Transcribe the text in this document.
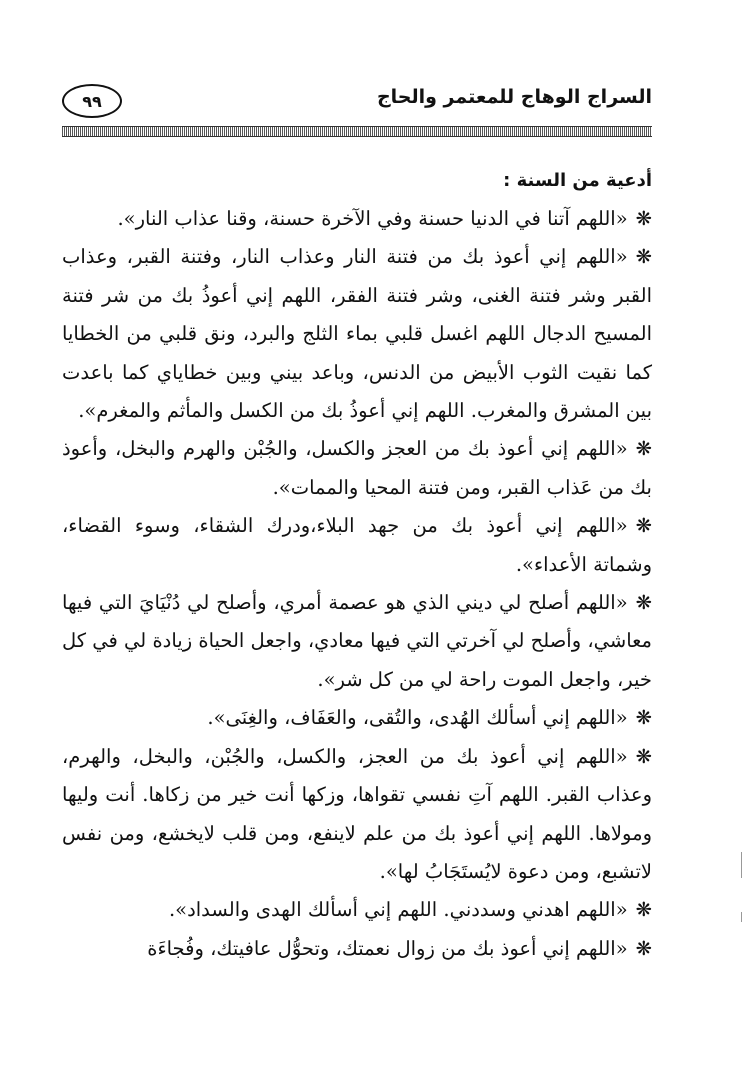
السراج الوهاج للمعتمر والحاج
٩٩

أدعية من السنة :

❋«اللهم آتنا في الدنيا حسنة وفي الآخرة حسنة، وقنا عذاب النار».

❋«اللهم إني أعوذ بك من فتنة النار وعذاب النار، وفتنة القبر، وعذاب القبر وشر فتنة الغنى، وشر فتنة الفقر، اللهم إني أعوذُ بك من شر فتنة المسيح الدجال اللهم اغسل قلبي بماء الثلج والبرد، ونق قلبي من الخطايا كما نقيت الثوب الأبيض من الدنس، وباعد بيني وبين خطاياي كما باعدت بين المشرق والمغرب. اللهم إني أعوذُ بك من الكسل والمأثم والمغرم».

❋«اللهم إني أعوذ بك من العجز والكسل، والجُبْن والهرم والبخل، وأعوذ بك من عَذاب القبر، ومن فتنة المحيا والممات».

❋«اللهم إني أعوذ بك من جهد البلاء،ودرك الشقاء، وسوء القضاء، وشماتة الأعداء».

❋«اللهم أصلح لي ديني الذي هو عصمة أمري، وأصلح لي دُنْيَايَ التي فيها معاشي، وأصلح لي آخرتي التي فيها معادي، واجعل الحياة زيادة لي في كل خير، واجعل الموت راحة لي من كل شر».

❋«اللهم إني أسألك الهُدى، والتُقى، والعَفَاف، والغِنَى».

❋«اللهم إني أعوذ بك من العجز، والكسل، والجُبْن، والبخل، والهرم، وعذاب القبر. اللهم آتِ نفسي تقواها، وزكها أنت خير من زكاها. أنت وليها ومولاها. اللهم إني أعوذ بك من علم لاينفع، ومن قلب لايخشع، ومن نفس لاتشبع، ومن دعوة لايُستَجَابُ لها».

❋«اللهم اهدني وسددني. اللهم إني أسألك الهدى والسداد».

❋«اللهم إني أعوذ بك من زوال نعمتك، وتحوُّل عافيتك، وفُجاءَة
